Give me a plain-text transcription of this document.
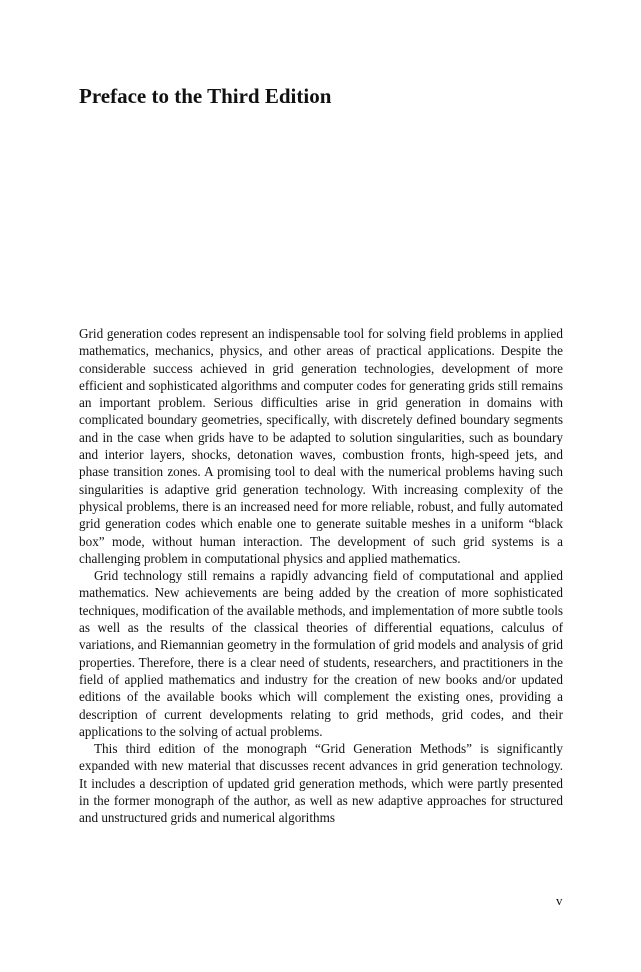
Preface to the Third Edition

Grid generation codes represent an indispensable tool for solving field problems in applied mathematics, mechanics, physics, and other areas of practical applications. Despite the considerable success achieved in grid generation technologies, development of more efficient and sophisticated algorithms and computer codes for generating grids still remains an important problem. Serious difficulties arise in grid generation in domains with complicated boundary geometries, specifically, with discretely defined boundary segments and in the case when grids have to be adapted to solution singularities, such as boundary and interior layers, shocks, detonation waves, combustion fronts, high-speed jets, and phase transition zones. A promising tool to deal with the numerical problems having such singularities is adaptive grid generation technology. With increasing complexity of the physical problems, there is an increased need for more reliable, robust, and fully automated grid generation codes which enable one to generate suitable meshes in a uniform “black box” mode, without human interaction. The development of such grid systems is a challenging problem in computational physics and applied mathematics.

Grid technology still remains a rapidly advancing field of computational and applied mathematics. New achievements are being added by the creation of more sophisticated techniques, modification of the available methods, and implementation of more subtle tools as well as the results of the classical theories of differential equations, calculus of variations, and Riemannian geometry in the formulation of grid models and analysis of grid properties. Therefore, there is a clear need of students, researchers, and practitioners in the field of applied mathematics and industry for the creation of new books and/or updated editions of the available books which will complement the existing ones, providing a description of current developments relating to grid methods, grid codes, and their applications to the solving of actual problems.

This third edition of the monograph “Grid Generation Methods” is significantly expanded with new material that discusses recent advances in grid generation technology. It includes a description of updated grid generation methods, which were partly presented in the former monograph of the author, as well as new adaptive approaches for structured and unstructured grids and numerical algorithms

v
